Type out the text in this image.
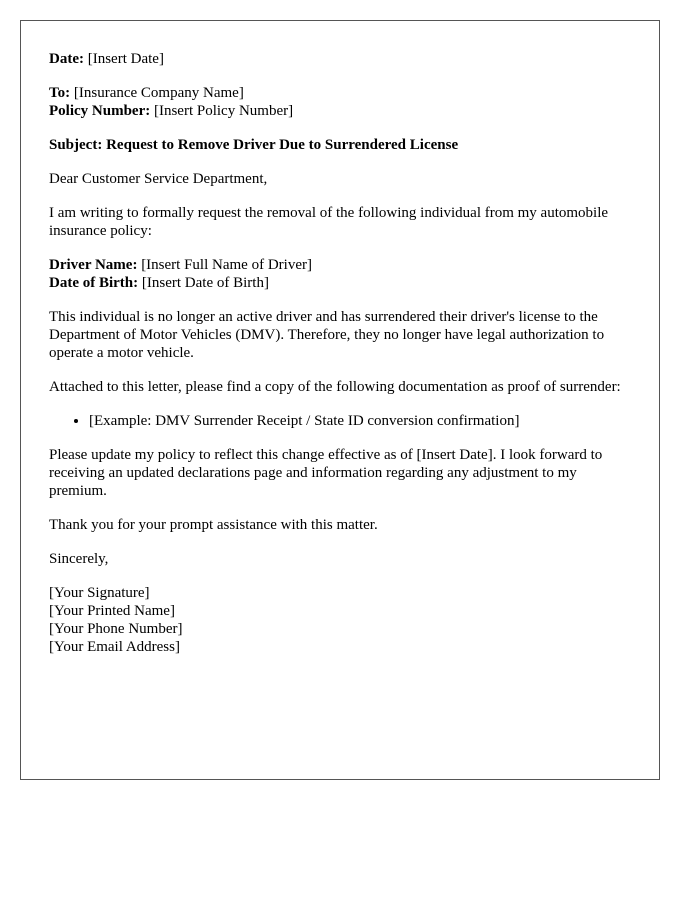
Date: [Insert Date]

To: [Insurance Company Name]
Policy Number: [Insert Policy Number]

Subject: Request to Remove Driver Due to Surrendered License

Dear Customer Service Department,

I am writing to formally request the removal of the following individual from my automobile insurance policy:

Driver Name: [Insert Full Name of Driver]
Date of Birth: [Insert Date of Birth]

This individual is no longer an active driver and has surrendered their driver's license to the Department of Motor Vehicles (DMV). Therefore, they no longer have legal authorization to operate a motor vehicle.

Attached to this letter, please find a copy of the following documentation as proof of surrender:

• [Example: DMV Surrender Receipt / State ID conversion confirmation]

Please update my policy to reflect this change effective as of [Insert Date]. I look forward to receiving an updated declarations page and information regarding any adjustment to my premium.

Thank you for your prompt assistance with this matter.

Sincerely,

[Your Signature]
[Your Printed Name]
[Your Phone Number]
[Your Email Address]
